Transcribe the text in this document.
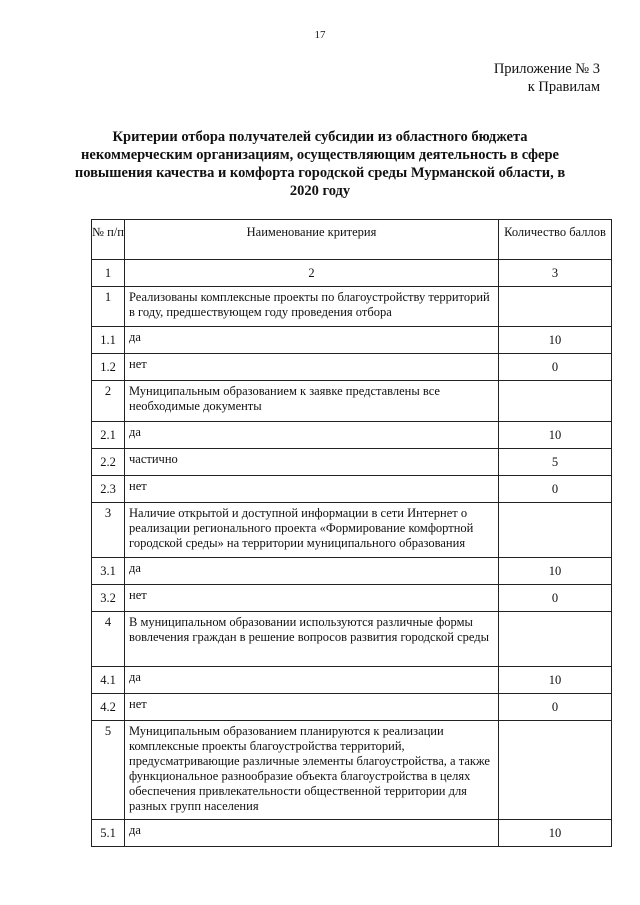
17
Приложение № 3
к Правилам
Критерии отбора получателей субсидии из областного бюджета некоммерческим организациям, осуществляющим деятельность в сфере повышения качества и комфорта городской среды Мурманской области, в 2020 году
№ п/п	Наименование критерия	Количество баллов
1	2	3
1	Реализованы комплексные проекты по благоустройству территорий в году, предшествующем году проведения отбора	
1.1	да	10
1.2	нет	0
2	Муниципальным образованием к заявке представлены все необходимые документы	
2.1	да	10
2.2	частично	5
2.3	нет	0
3	Наличие открытой и доступной информации в сети Интернет о реализации регионального проекта «Формирование комфортной городской среды» на территории муниципального образования	
3.1	да	10
3.2	нет	0
4	В муниципальном образовании используются различные формы вовлечения граждан в решение вопросов развития городской среды	
4.1	да	10
4.2	нет	0
5	Муниципальным образованием планируются к реализации комплексные проекты благоустройства территорий, предусматривающие различные элементы благоустройства, а также функциональное разнообразие объекта благоустройства в целях обеспечения привлекательности общественной территории для разных групп населения	
5.1	да	10
